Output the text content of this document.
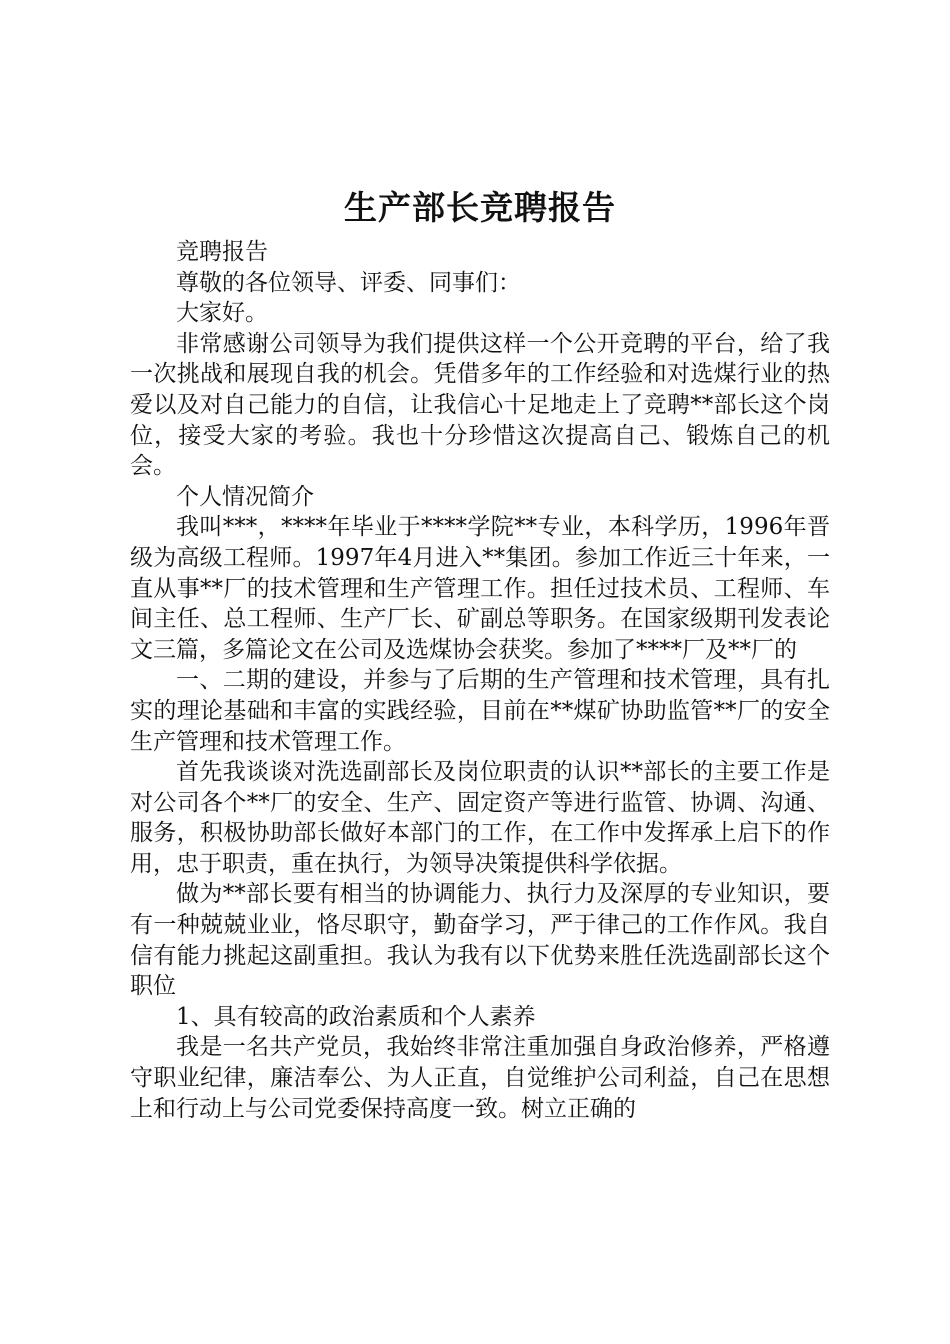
生产部长竞聘报告

竞聘报告

尊敬的各位领导、评委、同事们：

大家好。

非常感谢公司领导为我们提供这样一个公开竞聘的平台，给了我一次挑战和展现自我的机会。凭借多年的工作经验和对选煤行业的热爱以及对自己能力的自信，让我信心十足地走上了竞聘**部长这个岗位，接受大家的考验。我也十分珍惜这次提高自己、锻炼自己的机会。

个人情况简介

我叫***，****年毕业于****学院**专业，本科学历，1996年晋级为高级工程师。1997年4月进入**集团。参加工作近三十年来，一直从事**厂的技术管理和生产管理工作。担任过技术员、工程师、车间主任、总工程师、生产厂长、矿副总等职务。在国家级期刊发表论文三篇，多篇论文在公司及选煤协会获奖。参加了****厂及**厂的

一、二期的建设，并参与了后期的生产管理和技术管理，具有扎实的理论基础和丰富的实践经验，目前在**煤矿协助监管**厂的安全生产管理和技术管理工作。

首先我谈谈对洗选副部长及岗位职责的认识**部长的主要工作是对公司各个**厂的安全、生产、固定资产等进行监管、协调、沟通、服务，积极协助部长做好本部门的工作，在工作中发挥承上启下的作用，忠于职责，重在执行，为领导决策提供科学依据。

做为**部长要有相当的协调能力、执行力及深厚的专业知识，要有一种兢兢业业，恪尽职守，勤奋学习，严于律己的工作作风。我自信有能力挑起这副重担。我认为我有以下优势来胜任洗选副部长这个职位

1、具有较高的政治素质和个人素养

我是一名共产党员，我始终非常注重加强自身政治修养，严格遵守职业纪律，廉洁奉公、为人正直，自觉维护公司利益，自己在思想上和行动上与公司党委保持高度一致。树立正确的
